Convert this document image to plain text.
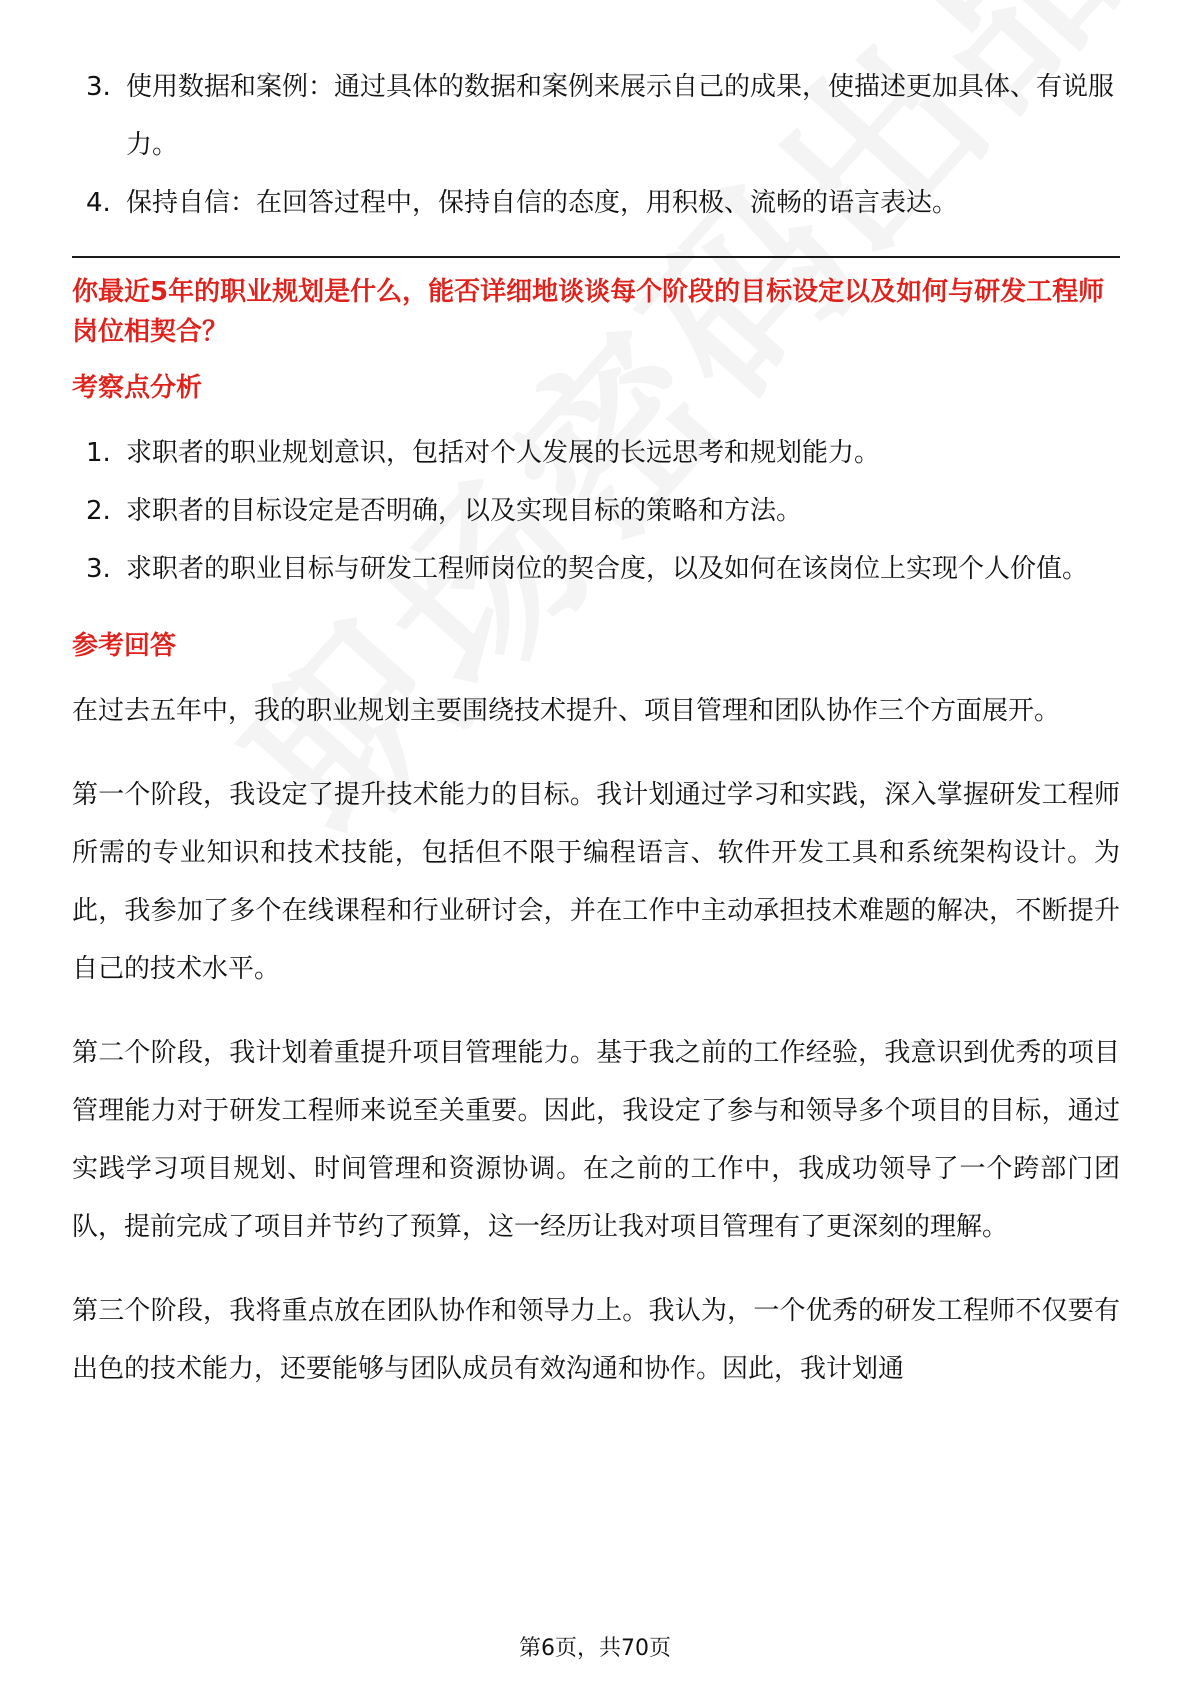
3. 使用数据和案例：通过具体的数据和案例来展示自己的成果，使描述更加具体、有说服力。
4. 保持自信：在回答过程中，保持自信的态度，用积极、流畅的语言表达。
你最近5年的职业规划是什么，能否详细地谈谈每个阶段的目标设定以及如何与研发工程师岗位相契合？
考察点分析
1. 求职者的职业规划意识，包括对个人发展的长远思考和规划能力。
2. 求职者的目标设定是否明确，以及实现目标的策略和方法。
3. 求职者的职业目标与研发工程师岗位的契合度，以及如何在该岗位上实现个人价值。
参考回答

在过去五年中，我的职业规划主要围绕技术提升、项目管理和团队协作三个方面展开。

第一个阶段，我设定了提升技术能力的目标。我计划通过学习和实践，深入掌握研发工程师所需的专业知识和技术技能，包括但不限于编程语言、软件开发工具和系统架构设计。为此，我参加了多个在线课程和行业研讨会，并在工作中主动承担技术难题的解决，不断提升自己的技术水平。

第二个阶段，我计划着重提升项目管理能力。基于我之前的工作经验，我意识到优秀的项目管理能力对于研发工程师来说至关重要。因此，我设定了参与和领导多个项目的目标，通过实践学习项目规划、时间管理和资源协调。在之前的工作中，我成功领导了一个跨部门团队，提前完成了项目并节约了预算，这一经历让我对项目管理有了更深刻的理解。

第三个阶段，我将重点放在团队协作和领导力上。我认为，一个优秀的研发工程师不仅要有出色的技术能力，还要能够与团队成员有效沟通和协作。因此，我计划通

第6页，共70页
